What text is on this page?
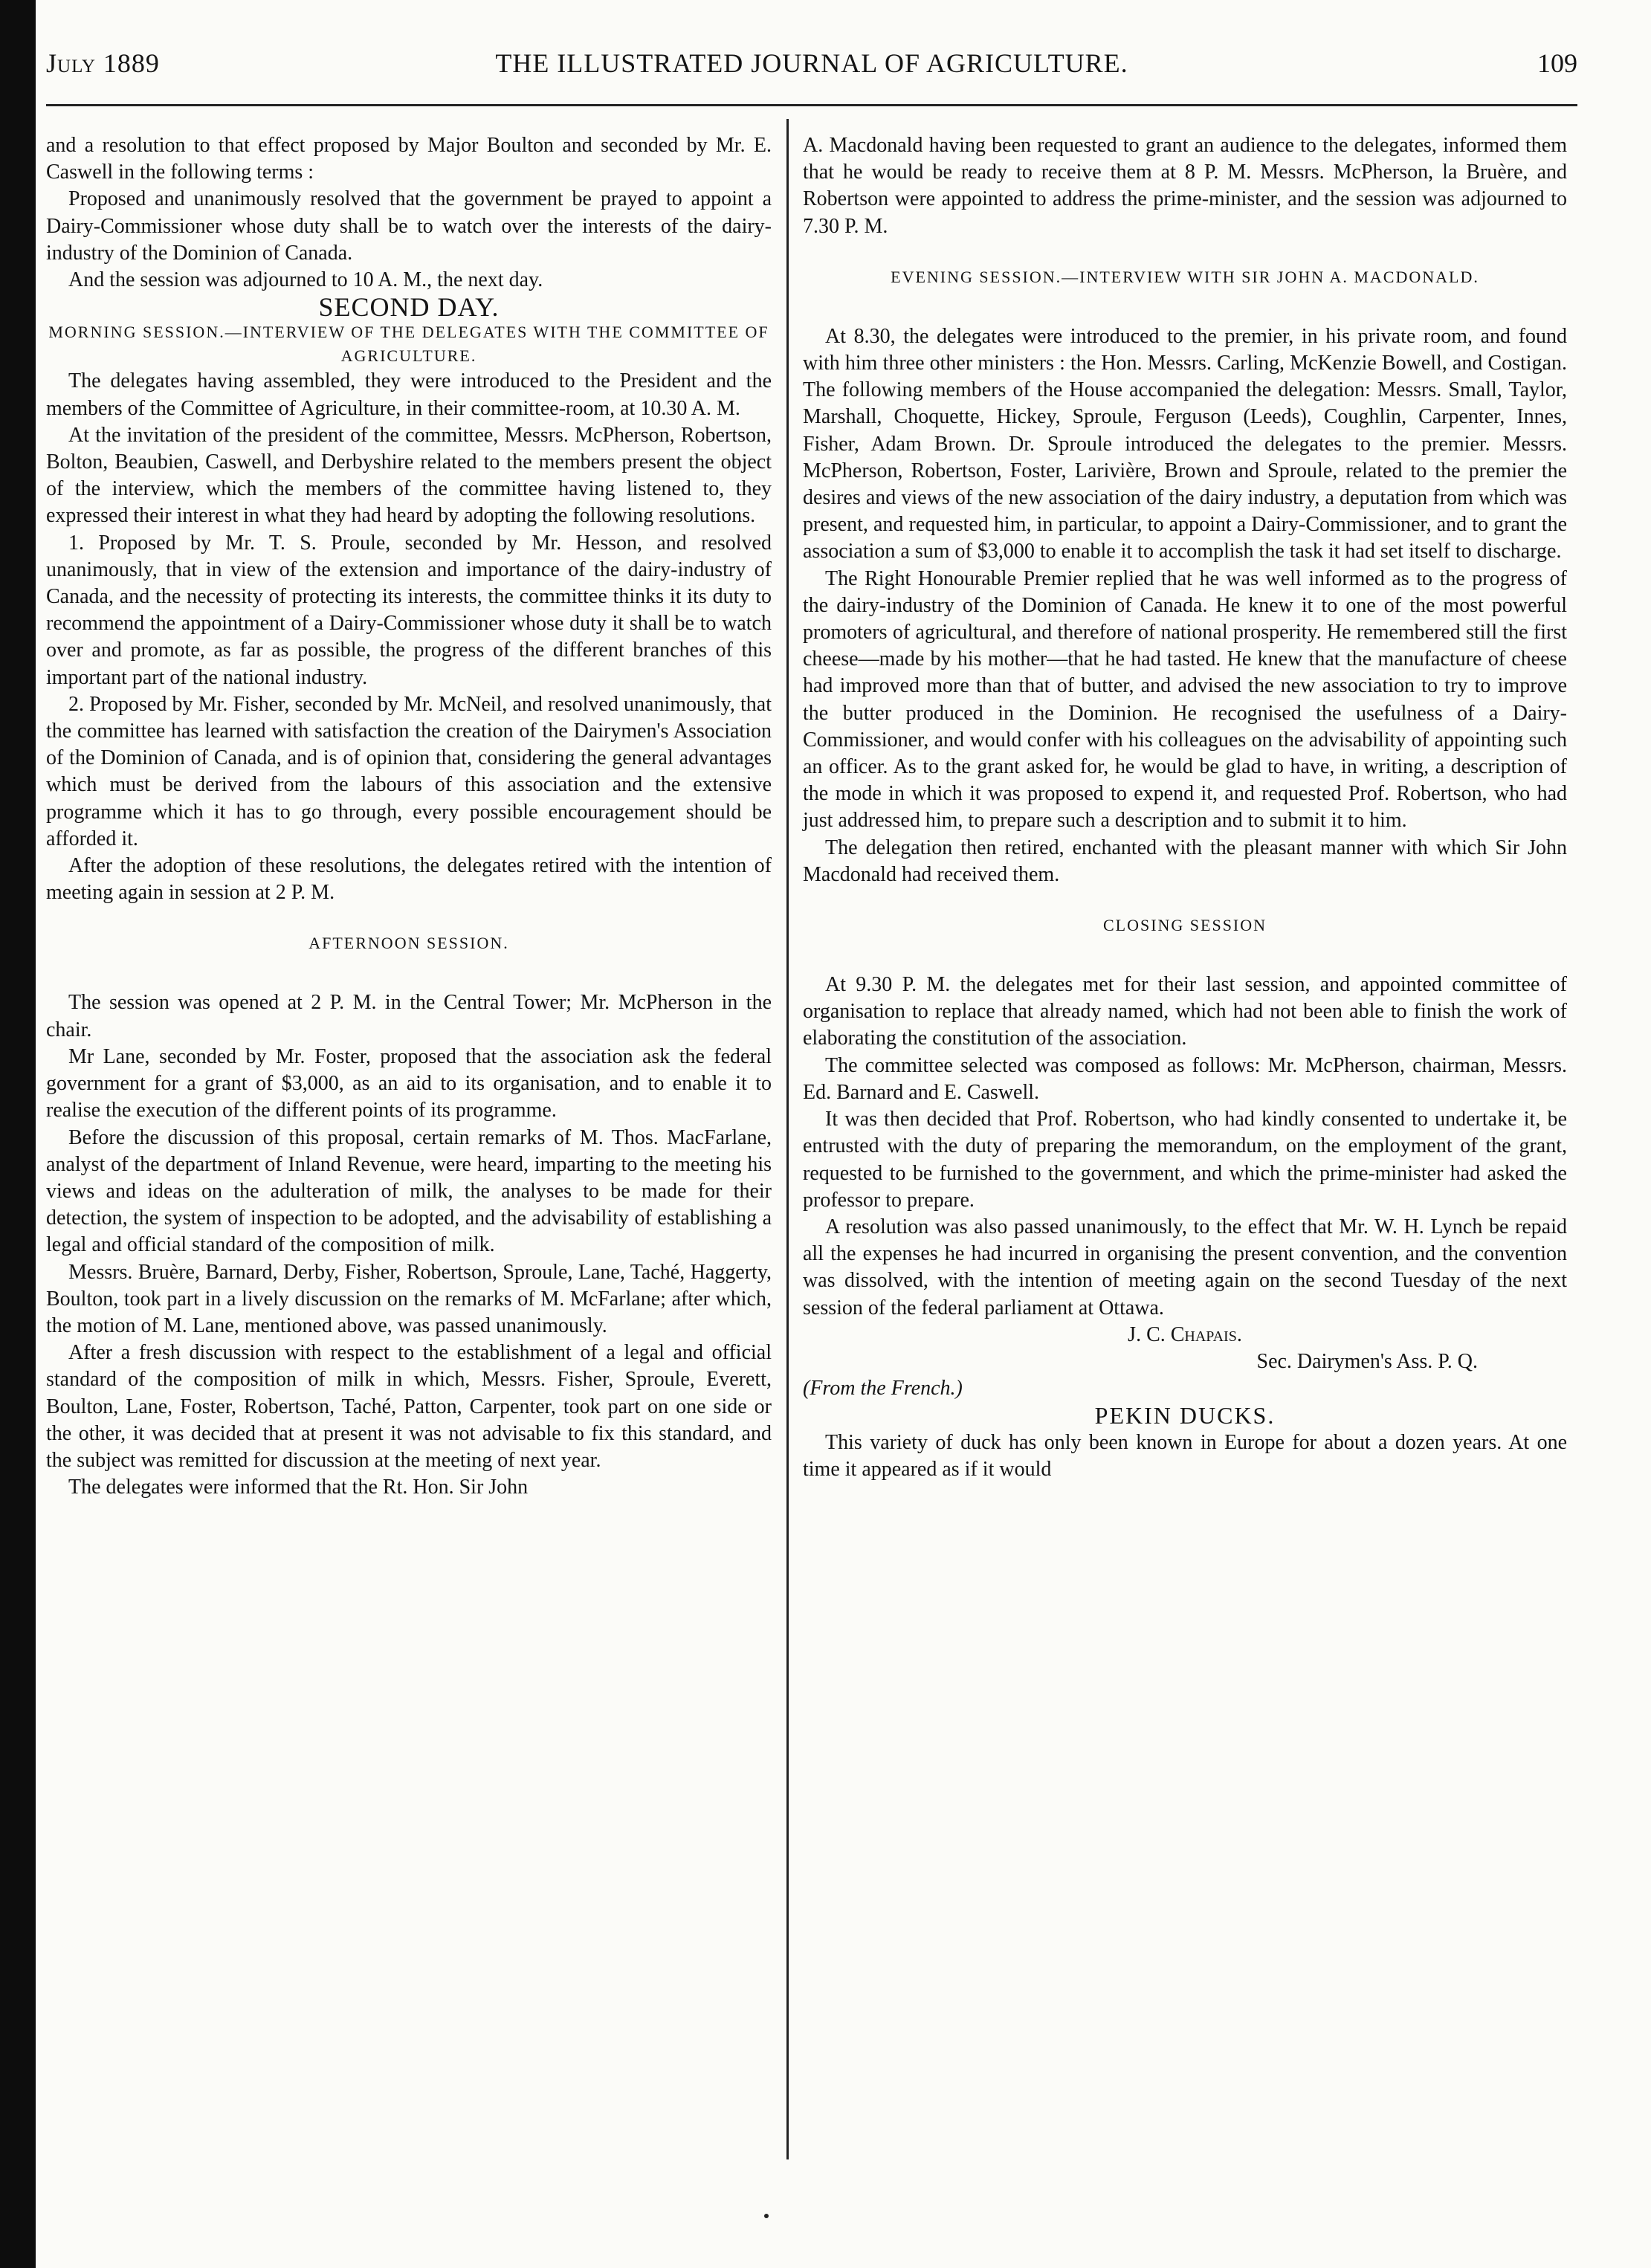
THE ILLUSTRATED JOURNAL OF AGRICULTURE.
July 1889	109

and a resolution to that effect proposed by Major Boulton and seconded by Mr. E. Caswell in the following terms :

Proposed and unanimously resolved that the government be prayed to appoint a Dairy-Commissioner whose duty shall be to watch over the interests of the dairy-industry of the Dominion of Canada.

And the session was adjourned to 10 A. M., the next day.

SECOND DAY.

MORNING SESSION.—INTERVIEW OF THE DELEGATES WITH THE COMMITTEE OF AGRICULTURE.

The delegates having assembled, they were introduced to the President and the members of the Committee of Agriculture, in their committee-room, at 10.30 A. M.

At the invitation of the president of the committee, Messrs. McPherson, Robertson, Bolton, Beaubien, Caswell, and Derbyshire related to the members present the object of the interview, which the members of the committee having listened to, they expressed their interest in what they had heard by adopting the following resolutions.

1. Proposed by Mr. T. S. Proule, seconded by Mr. Hesson, and resolved unanimously, that in view of the extension and importance of the dairy-industry of Canada, and the necessity of protecting its interests, the committee thinks it its duty to recommend the appointment of a Dairy-Commissioner whose duty it shall be to watch over and promote, as far as possible, the progress of the different branches of this important part of the national industry.

2. Proposed by Mr. Fisher, seconded by Mr. McNeil, and resolved unanimously, that the committee has learned with satisfaction the creation of the Dairymen's Association of the Dominion of Canada, and is of opinion that, considering the general advantages which must be derived from the labours of this association and the extensive programme which it has to go through, every possible encouragement should be afforded it.

After the adoption of these resolutions, the delegates retired with the intention of meeting again in session at 2 P. M.

AFTERNOON SESSION.

The session was opened at 2 P. M. in the Central Tower; Mr. McPherson in the chair.

Mr Lane, seconded by Mr. Foster, proposed that the association ask the federal government for a grant of $3,000, as an aid to its organisation, and to enable it to realise the execution of the different points of its programme.

Before the discussion of this proposal, certain remarks of M. Thos. MacFarlane, analyst of the department of Inland Revenue, were heard, imparting to the meeting his views and ideas on the adulteration of milk, the analyses to be made for their detection, the system of inspection to be adopted, and the advisability of establishing a legal and official standard of the composition of milk.

Messrs. Bruère, Barnard, Derby, Fisher, Robertson, Sproule, Lane, Taché, Haggerty, Boulton, took part in a lively discussion on the remarks of M. McFarlane; after which, the motion of M. Lane, mentioned above, was passed unanimously.

After a fresh discussion with respect to the establishment of a legal and official standard of the composition of milk in which, Messrs. Fisher, Sproule, Everett, Boulton, Lane, Foster, Robertson, Taché, Patton, Carpenter, took part on one side or the other, it was decided that at present it was not advisable to fix this standard, and the subject was remitted for discussion at the meeting of next year.

The delegates were informed that the Rt. Hon. Sir John

A. Macdonald having been requested to grant an audience to the delegates, informed them that he would be ready to receive them at 8 P. M. Messrs. McPherson, la Bruère, and Robertson were appointed to address the prime-minister, and the session was adjourned to 7.30 P. M.

EVENING SESSION.—INTERVIEW WITH SIR JOHN A. MACDONALD.

At 8.30, the delegates were introduced to the premier, in his private room, and found with him three other ministers : the Hon. Messrs. Carling, McKenzie Bowell, and Costigan. The following members of the House accompanied the delegation: Messrs. Small, Taylor, Marshall, Choquette, Hickey, Sproule, Ferguson (Leeds), Coughlin, Carpenter, Innes, Fisher, Adam Brown. Dr. Sproule introduced the delegates to the premier. Messrs. McPherson, Robertson, Foster, Larivière, Brown and Sproule, related to the premier the desires and views of the new association of the dairy industry, a deputation from which was present, and requested him, in particular, to appoint a Dairy-Commissioner, and to grant the association a sum of $3,000 to enable it to accomplish the task it had set itself to discharge.

The Right Honourable Premier replied that he was well informed as to the progress of the dairy-industry of the Dominion of Canada. He knew it to one of the most powerful promoters of agricultural, and therefore of national prosperity. He remembered still the first cheese—made by his mother—that he had tasted. He knew that the manufacture of cheese had improved more than that of butter, and advised the new association to try to improve the butter produced in the Dominion. He recognised the usefulness of a Dairy-Commissioner, and would confer with his colleagues on the advisability of appointing such an officer. As to the grant asked for, he would be glad to have, in writing, a description of the mode in which it was proposed to expend it, and requested Prof. Robertson, who had just addressed him, to prepare such a description and to submit it to him.

The delegation then retired, enchanted with the pleasant manner with which Sir John Macdonald had received them.

CLOSING SESSION

At 9.30 P. M. the delegates met for their last session, and appointed committee of organisation to replace that already named, which had not been able to finish the work of elaborating the constitution of the association.

The committee selected was composed as follows: Mr. McPherson, chairman, Messrs. Ed. Barnard and E. Caswell.

It was then decided that Prof. Robertson, who had kindly consented to undertake it, be entrusted with the duty of preparing the memorandum, on the employment of the grant, requested to be furnished to the government, and which the prime-minister had asked the professor to prepare.

A resolution was also passed unanimously, to the effect that Mr. W. H. Lynch be repaid all the expenses he had incurred in organising the present convention, and the convention was dissolved, with the intention of meeting again on the second Tuesday of the next session of the federal parliament at Ottawa.

J. C. Chapais.

Sec. Dairymen's Ass. P. Q.

(From the French.)

PEKIN DUCKS.

This variety of duck has only been known in Europe for about a dozen years. At one time it appeared as if it would
